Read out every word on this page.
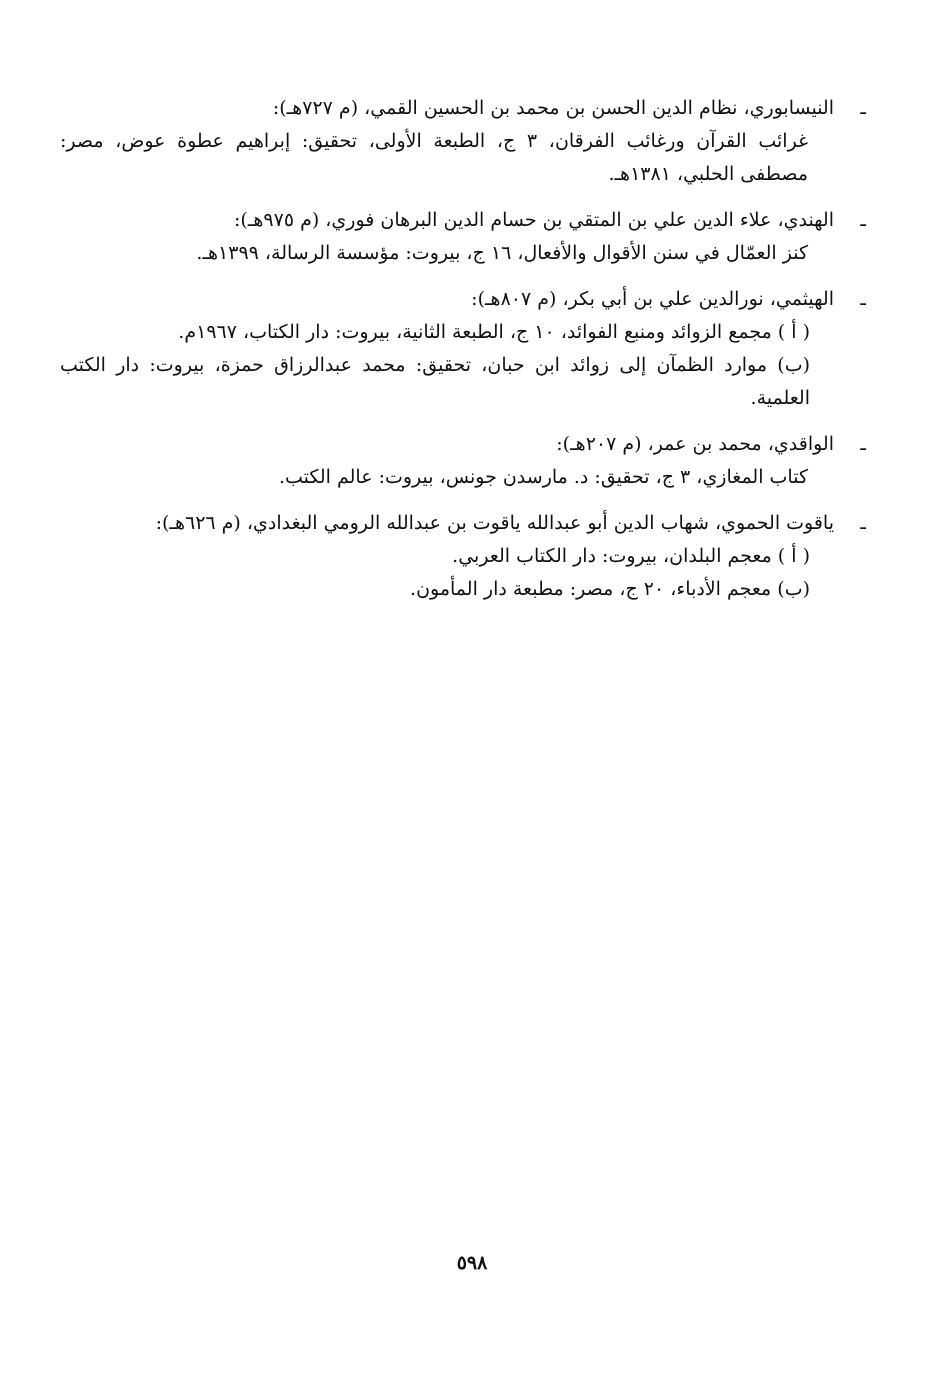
ـ
النيسابوري، نظام الدين الحسن بن محمد بن الحسين القمي، (م ٧٢٧هـ):
غرائب القرآن ورغائب الفرقان، ٣ ج، الطبعة الأولى، تحقيق: إبراهيم عطوة عوض، مصر: مصطفى الحلبي، ١٣٨١هـ.
ـ
الهندي، علاء الدين علي بن المتقي بن حسام الدين البرهان فوري، (م ٩٧٥هـ):
كنز العمّال في سنن الأقوال والأفعال، ١٦ ج، بيروت: مؤسسة الرسالة، ١٣٩٩هـ.
ـ
الهيثمي، نورالدين علي بن أبي بكر، (م ٨٠٧هـ):
( أ ) مجمع الزوائد ومنبع الفوائد، ١٠ ج، الطبعة الثانية، بيروت: دار الكتاب، ١٩٦٧م.
(ب) موارد الظمآن إلى زوائد ابن حبان، تحقيق: محمد عبدالرزاق حمزة، بيروت: دار الكتب العلمية.
ـ
الواقدي، محمد بن عمر، (م ٢٠٧هـ):
كتاب المغازي، ٣ ج، تحقيق: د. مارسدن جونس، بيروت: عالم الكتب.
ـ
ياقوت الحموي، شهاب الدين أبو عبدالله ياقوت بن عبدالله الرومي البغدادي، (م ٦٢٦هـ):
( أ ) معجم البلدان، بيروت: دار الكتاب العربي.
(ب) معجم الأدباء، ٢٠ ج، مصر: مطبعة دار المأمون.
٥٩٨
